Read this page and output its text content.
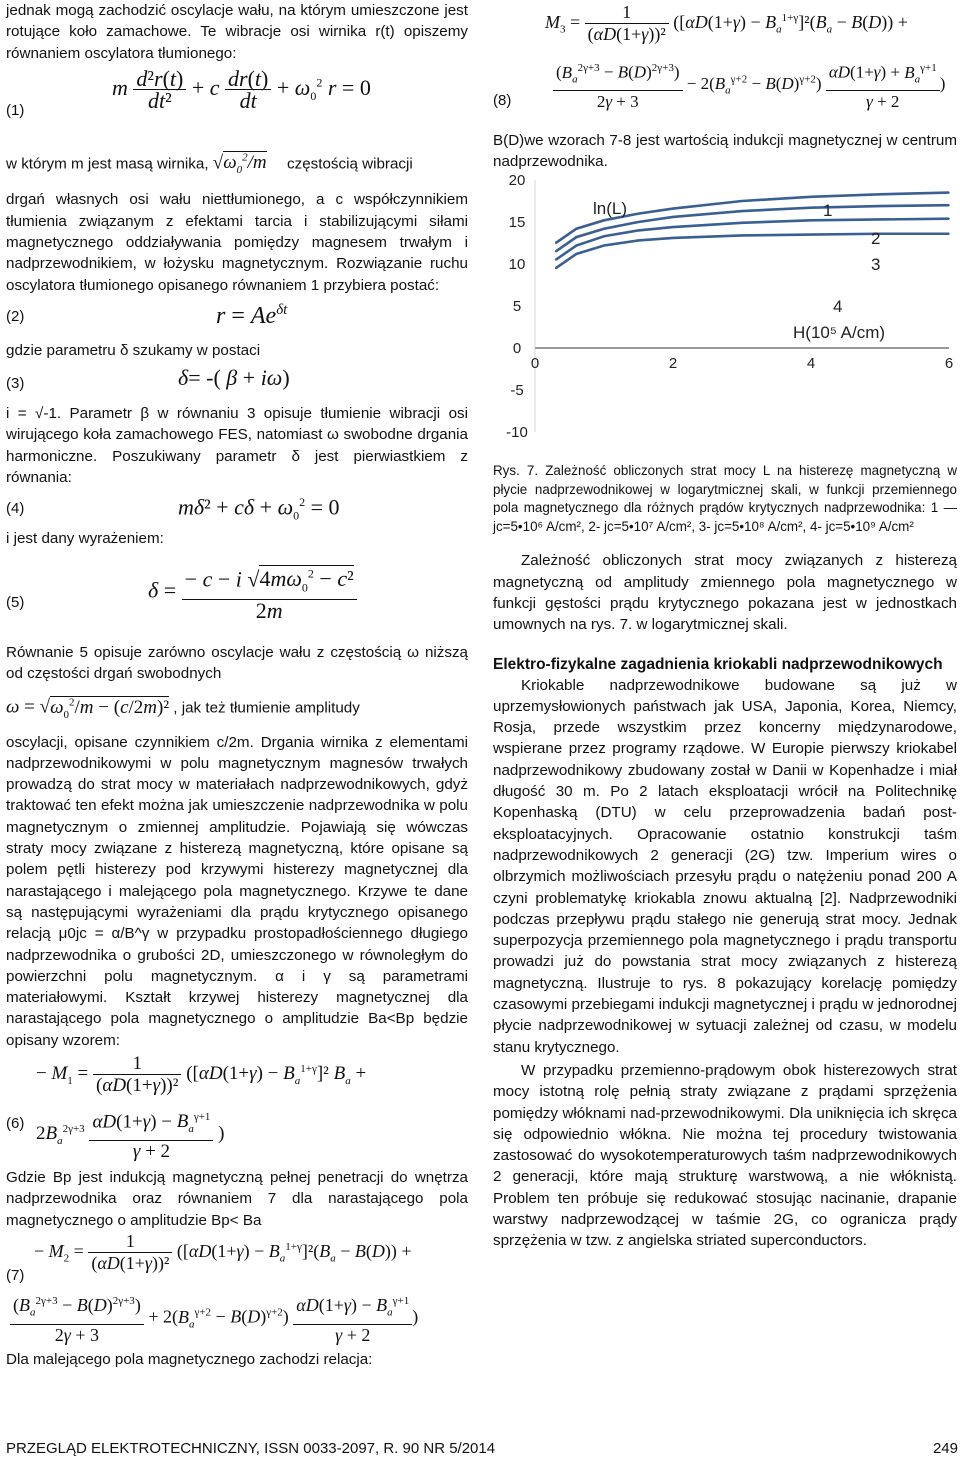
jednak mogą zachodzić oscylacje wału, na którym umieszczone jest rotujące koło zamachowe. Te wibracje osi wirnika r(t) opiszemy równaniem oscylatora tłumionego:

(1)
m $\frac{\text{d²r(t)}}{\text{dt²}} + c \frac{dr(t)}{dt} + \omega_0^2$ r = 0

w którym m jest masą wirnika, $√\omega_0^2/m$ częstością wibracji

drgań własnych osi wału niettłumionego, a c współczynnikiem tłumienia związanym z efektami tarcia i stabilizującymi siłami magnetycznego oddziaływania pomiędzy magnesem trwałym i nadprzewodnikiem, w łożysku magnetycznym. Rozwiązanie ruchu oscylatora tłumionego opisanego równaniem 1 przybiera postać:

(2)	$r = Ae^{\delta t}$

gdzie parametru δ szukamy w postaci

(3)	δ= -( β + iω)

i = √-1. Parametr β w równaniu 3 opisuje tłumienie wibracji osi wirującego koła zamachowego FES, natomiast ω swobodne drgania harmoniczne. Poszukiwany parametr δ jest pierwiastkiem z równania:

(4)	$m\delta^2 + c\delta + \omega_0^2 = 0$

i jest dany wyrażeniem:

(5)	$\delta = \frac{- c - i √4m\omega_0^2 - c^2}{2m}$

Równanie 5 opisuje zarówno oscylacje wału z częstością ω niższą od częstości drgań swobodnych

$\omega = √\omega_0^2/m - (c/2m)^2$ , jak też tłumienie amplitudy

oscylacji, opisane czynnikiem c/2m. Drgania wirnika z elementami nadprzewodnikowymi w polu magnetycznym magnesów trwałych prowadzą do strat mocy w materiałach nadprzewodnikowych, gdyż traktować ten efekt można jak umieszczenie nadprzewodnika w polu magnetycznym o zmiennej amplitudzie. Pojawiają się wówczas straty mocy związane z histerezą magnetyczną, które opisane są polem pętli histerezy pod krzywymi histerezy magnetycznej dla narastającego i malejącego pola magnetycznego. Krzywe te dane są następującymi wyrażeniami dla prądu krytycznego opisanego relacją μ0jc = α/B^γ w przypadku prostopadłościennego długiego nadprzewodnika o grubości 2D, umieszczonego w równoległym do powierzchni polu magnetycznym. α i γ są parametrami materiałowymi. Kształt krzywej histerezy magnetycznej dla narastającego pola magnetycznego o amplitudzie Ba<Bp będzie opisany wzorem:

(6)
− $M_1 = \frac{1}{\text{(αD(1+γ))²}} ([\alpha D(1+\gamma) - B_a^{1+\gamma}]^2$ $B_a$ +
$2B_a^{2\gamma+3} \frac{\alpha D(1+\gamma) - B_a^{\gamma+1}}{\gamma + 2}$ )

Gdzie Bp jest indukcją magnetyczną pełnej penetracji do wnętrza nadprzewodnika oraz równaniem 7 dla narastającego pola magnetycznego o amplitudzie Bp< Ba

(7)
− $M_2 = \frac{1}{\text{(αD(1+γ))²}} ([\alpha D(1+\gamma) - B_a^{1+\gamma}]^2(B_a - B(D))$ +
$\frac{(B_a^{2\gamma+3} - B(D)^{2\gamma+3})}{2\gamma + 3} + 2(B_a^{\gamma+2} - B(D)^{\gamma+2}) \frac{\alpha D(1+\gamma) - B_a^{\gamma+1}}{\gamma + 2}$ )

Dla malejącego pola magnetycznego zachodzi relacja:

(8)
$M_3 = \frac{1}{\text{(αD(1+γ))²}} ([\alpha D(1+\gamma) - B_a^{1+\gamma}]^2(B_a - B(D))$ +
$\frac{(B_a^{2\gamma+3} - B(D)^{2\gamma+3})}{2\gamma + 3} - 2(B_a^{\gamma+2} - B(D)^{\gamma+2}) \frac{\alpha D(1+\gamma) + B_a^{\gamma+1}}{\gamma + 2}$ )

B(D)we wzorach 7-8 jest wartością indukcji magnetycznej w centrum nadprzewodnika.

20
15
10
5
0
-5
-10
0	2	4	6
1
2
3
4
ln(L)
H(10⁵ A/cm)

Rys. 7. Zależność obliczonych strat mocy L na histerezę magnetyczną w płycie nadprzewodnikowej w logarytmicznej skali, w funkcji przemiennego pola magnetycznego dla różnych prądów krytycznych nadprzewodnika: 1 — jc=5•10⁶ A/cm², 2- jc=5•10⁷ A/cm², 3- jc=5•10⁸ A/cm², 4- jc=5•10⁹ A/cm²

Zależność obliczonych strat mocy związanych z histerezą magnetyczną od amplitudy zmiennego pola magnetycznego w funkcji gęstości prądu krytycznego pokazana jest w jednostkach umownych na rys. 7. w logarytmicznej skali.

Elektro-fizykalne zagadnienia kriokabli nadprzewodnikowych

Kriokable nadprzewodnikowe budowane są już w uprzemysłowionych państwach jak USA, Japonia, Korea, Niemcy, Rosja, przede wszystkim przez koncerny międzynarodowe, wspierane przez programy rządowe. W Europie pierwszy kriokabel nadprzewodnikowy zbudowany został w Danii w Kopenhadze i miał długość 30 m. Po 2 latach eksploatacji wrócił na Politechnikę Kopenhaską (DTU) w celu przeprowadzenia badań post-eksploatacyjnych. Opracowanie ostatnio konstrukcji taśm nadprzewodnikowych 2 generacji (2G) tzw. Imperium wires o olbrzymich możliwościach przesyłu prądu o natężeniu ponad 200 A czyni problematykę kriokabla znowu aktualną [2]. Nadprzewodniki podczas przepływu prądu stałego nie generują strat mocy. Jednak superpozycja przemiennego pola magnetycznego i prądu transportu prowadzi już do powstania strat mocy związanych z histerezą magnetyczną. Ilustruje to rys. 8 pokazujący korelację pomiędzy czasowymi przebiegami indukcji magnetycznej i prądu w jednorodnej płycie nadprzewodnikowej w sytuacji zależnej od czasu, w modelu stanu krytycznego.

W przypadku przemienno-prądowym obok histerezowych strat mocy istotną rolę pełnią straty związane z prądami sprzężenia pomiędzy włóknami nad-przewodnikowymi. Dla uniknięcia ich skręca się odpowiednio włókna. Nie można tej procedury twistowania zastosować do wysokotemperaturowych taśm nadprzewodnikowych 2 generacji, które mają strukturę warstwową, a nie włóknistą. Problem ten próbuje się redukować stosując nacinanie, drapanie warstwy nadprzewodzącej w taśmie 2G, co ogranicza prądy sprzężenia w tzw. z angielska striated superconductors.

PRZEGLĄD ELEKTROTECHNICZNY, ISSN 0033-2097, R. 90 NR 5/2014	249
